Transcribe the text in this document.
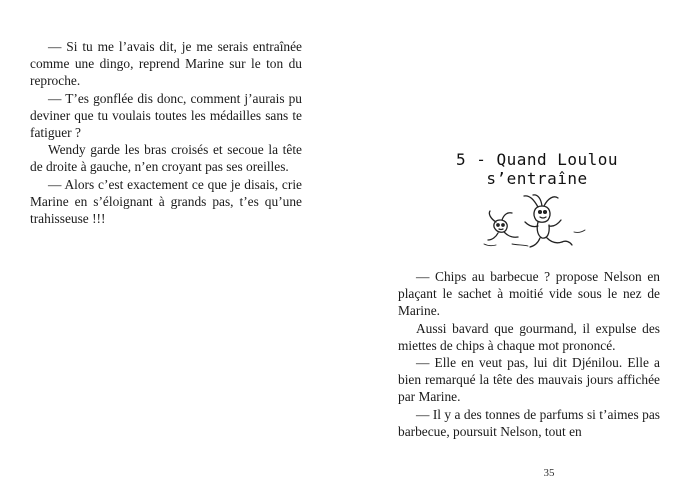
— Si tu me l’avais dit, je me serais entraînée comme une dingo, reprend Marine sur le ton du reproche.

— T’es gonflée dis donc, comment j’aurais pu deviner que tu voulais toutes les médailles sans te fatiguer ?

Wendy garde les bras croisés et secoue la tête de droite à gauche, n’en croyant pas ses oreilles.

— Alors c’est exactement ce que je disais, crie Marine en s’éloignant à grands pas, t’es qu’une trahisseuse !!!

5 - Quand Loulou s’entraîne

— Chips au barbecue ? propose Nelson en plaçant le sachet à moitié vide sous le nez de Marine.

Aussi bavard que gourmand, il expulse des miettes de chips à chaque mot prononcé.

— Elle en veut pas, lui dit Djénilou. Elle a bien remarqué la tête des mauvais jours affichée par Marine.

— Il y a des tonnes de parfums si t’aimes pas barbecue, poursuit Nelson, tout en

35
